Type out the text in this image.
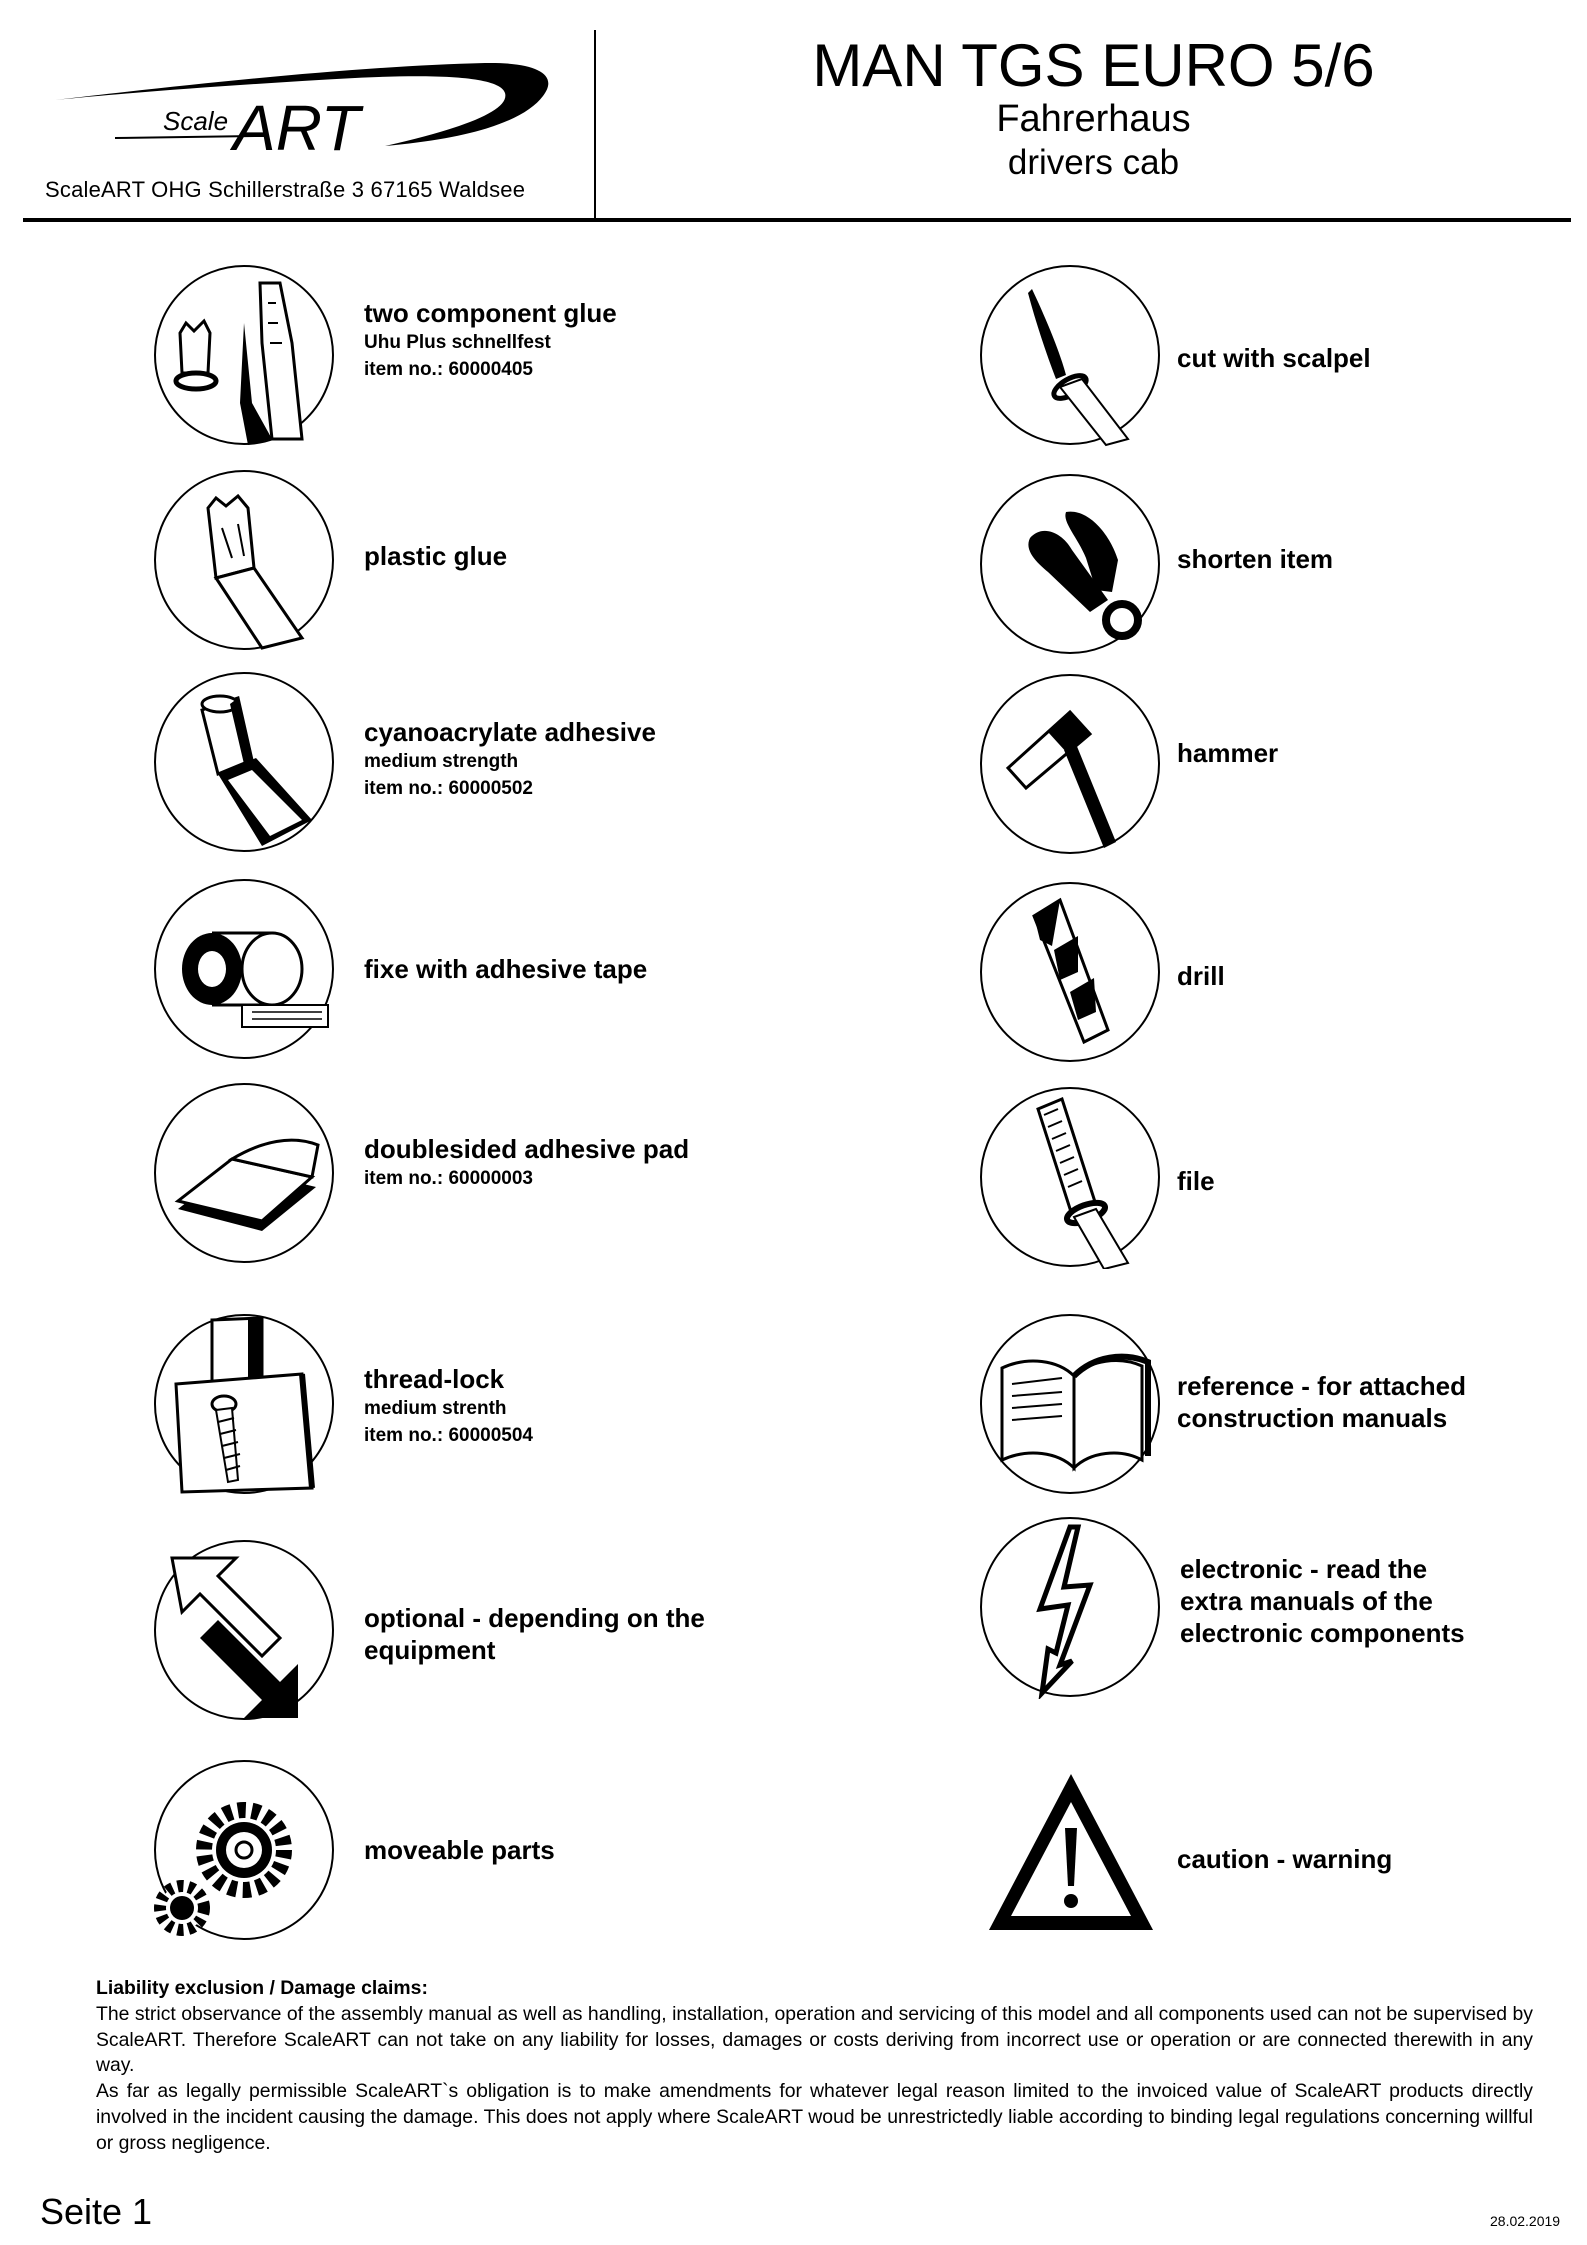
Scale ART
ScaleART OHG Schillerstraße 3 67165 Waldsee
MAN TGS EURO 5/6
Fahrerhaus
drivers cab
two component glue
Uhu Plus schnellfest
item no.: 60000405
plastic glue
cyanoacrylate adhesive
medium strength
item no.: 60000502
fixe with adhesive tape
doublesided adhesive pad
item no.: 60000003
thread-lock
medium strenth
item no.: 60000504
optional - depending on the
equipment
moveable parts
cut with scalpel
shorten item
hammer
drill
file
reference - for attached
construction manuals
electronic - read the
extra manuals of the
electronic components
caution - warning
Liability exclusion / Damage claims:

The strict observance of the assembly manual as well as handling, installation, operation and servicing of this model and all components used can not be supervised by ScaleART. Therefore ScaleART can not take on any liability for losses, damages or costs deriving from incorrect use or operation or are connected therewith in any way.

As far as legally permissible ScaleART`s obligation is to make amendments for whatever legal reason limited to the invoiced value of ScaleART products directly involved in the incident causing the damage. This does not apply where ScaleART woud be unrestrictedly liable according to binding legal regulations concerning willful or gross negligence.

Seite 1	28.02.2019
